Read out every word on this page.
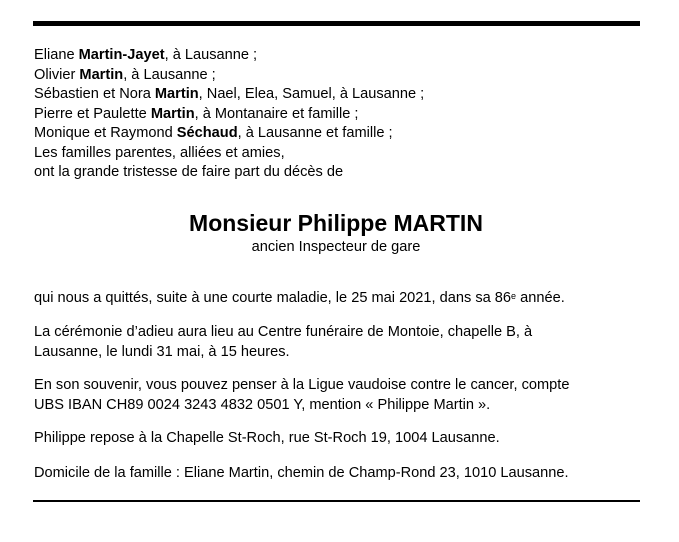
Eliane Martin-Jayet, à Lausanne ;
Olivier Martin, à Lausanne ;
Sébastien et Nora Martin, Nael, Elea, Samuel, à Lausanne ;
Pierre et Paulette Martin, à Montanaire et famille ;
Monique et Raymond Séchaud, à Lausanne et famille ;
Les familles parentes, alliées et amies,
ont la grande tristesse de faire part du décès de
Monsieur Philippe MARTIN
ancien Inspecteur de gare
qui nous a quittés, suite à une courte maladie, le 25 mai 2021, dans sa 86e année.
La cérémonie d’adieu aura lieu au Centre funéraire de Montoie, chapelle B, à
Lausanne, le lundi 31 mai, à 15 heures.
En son souvenir, vous pouvez penser à la Ligue vaudoise contre le cancer, compte
UBS IBAN CH89 0024 3243 4832 0501 Y, mention « Philippe Martin ».
Philippe repose à la Chapelle St-Roch, rue St-Roch 19, 1004 Lausanne.
Domicile de la famille : Eliane Martin, chemin de Champ-Rond 23, 1010 Lausanne.
